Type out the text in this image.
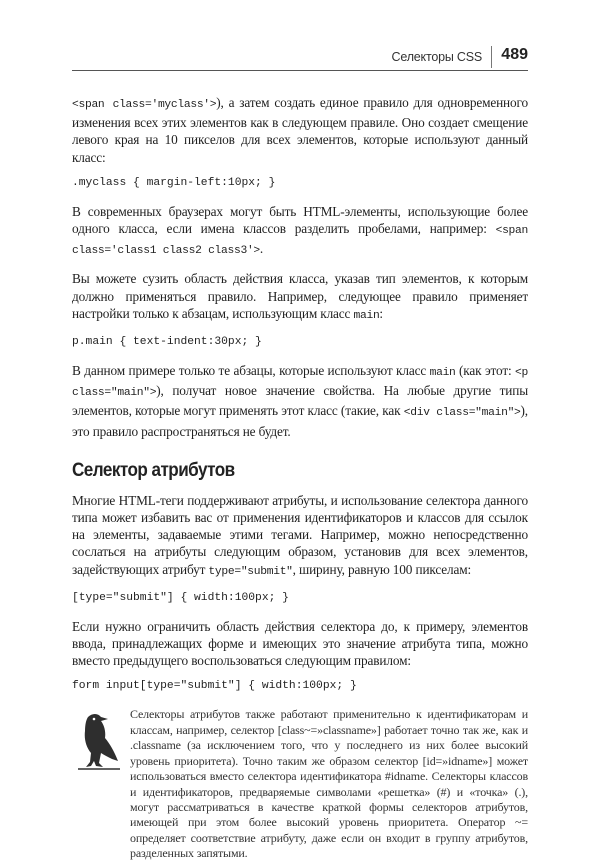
Селекторы CSS 489

<span class='myclass'>), а затем создать единое правило для одновременного изменения всех этих элементов как в следующем правиле. Оно создает смещение левого края на 10 пикселов для всех элементов, которые используют данный класс:

.myclass { margin-left:10px; }

В современных браузерах могут быть HTML-элементы, использующие более одного класса, если имена классов разделить пробелами, например: <span class='class1 class2 class3'>.

Вы можете сузить область действия класса, указав тип элементов, к которым должно применяться правило. Например, следующее правило применяет настройки только к абзацам, использующим класс main:

p.main { text-indent:30px; }

В данном примере только те абзацы, которые используют класс main (как этот: <p class="main">), получат новое значение свойства. На любые другие типы элементов, которые могут применять этот класс (такие, как <div class="main">), это правило распространяться не будет.

Селектор атрибутов

Многие HTML-теги поддерживают атрибуты, и использование селектора данного типа может избавить вас от применения идентификаторов и классов для ссылок на элементы, задаваемые этими тегами. Например, можно непосредственно сослаться на атрибуты следующим образом, установив для всех элементов, задействующих атрибут type="submit", ширину, равную 100 пикселам:

[type="submit"] { width:100px; }

Если нужно ограничить область действия селектора до, к примеру, элементов ввода, принадлежащих форме и имеющих это значение атрибута типа, можно вместо предыдущего воспользоваться следующим правилом:

form input[type="submit"] { width:100px; }
Селекторы атрибутов также работают применительно к идентификаторам и классам, например, селектор [class~=»classname»] работает точно так же, как и .classname (за исключением того, что у последнего из них более высокий уровень приоритета). Точно таким же образом селектор [id=»idname»] может использоваться вместо селектора идентификатора #idname. Селекторы классов и идентификаторов, предваряемые символами «решетка» (#) и «точка» (.), могут рассматриваться в качестве краткой формы селекторов атрибутов, имеющей при этом более высокий уровень приоритета. Оператор ~= определяет соответствие атрибуту, даже если он входит в группу атрибутов, разделенных запятыми.
